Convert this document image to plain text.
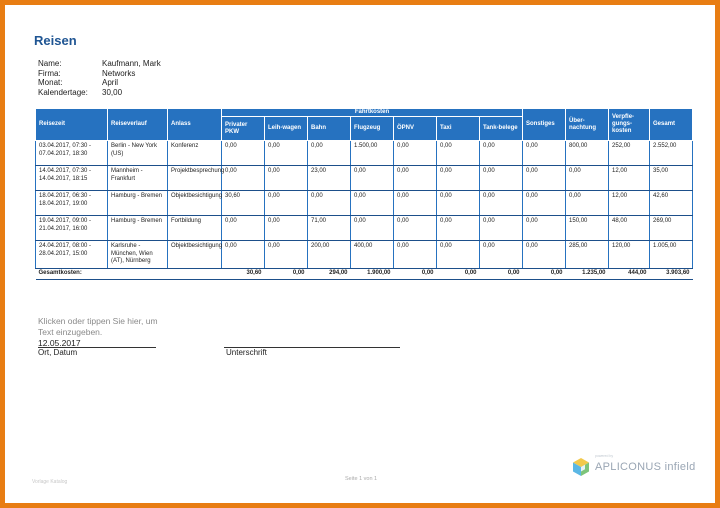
Reisen
Name:	Kaufmann, Mark
Firma:	Networks
Monat:	April
Kalendertage:	30,00
Reisezeit	Reiseverlauf	Anlass	Fahrtkosten							Sonstiges	Über-nachtung	Verpfle-gungs-kosten	Gesamt
			Privater PKW	Leih-wagen	Bahn	Flugzeug	ÖPNV	Taxi	Tank-belege				
03.04.2017, 07:30 - 07.04.2017, 18:30	Berlin - New York (US)	Konferenz	0,00	0,00	0,00	1.500,00	0,00	0,00	0,00	0,00	800,00	252,00	2.552,00
14.04.2017, 07:30 - 14.04.2017, 18:15	Mannheim - Frankfurt	Projektbesprechung	0,00	0,00	23,00	0,00	0,00	0,00	0,00	0,00	0,00	12,00	35,00
18.04.2017, 06:30 - 18.04.2017, 19:00	Hamburg - Bremen	Objektbesichtigung	30,60	0,00	0,00	0,00	0,00	0,00	0,00	0,00	0,00	12,00	42,60
19.04.2017, 09:00 - 21.04.2017, 16:00	Hamburg - Bremen	Fortbildung	0,00	0,00	71,00	0,00	0,00	0,00	0,00	0,00	150,00	48,00	269,00
24.04.2017, 08:00 - 28.04.2017, 15:00	Karlsruhe - München, Wien (AT), Nürnberg	Objektbesichtigung	0,00	0,00	200,00	400,00	0,00	0,00	0,00	0,00	285,00	120,00	1.005,00
Gesamtkosten:			30,60	0,00	294,00	1.900,00	0,00	0,00	0,00	0,00	1.235,00	444,00	3.903,60
Klicken oder tippen Sie hier, um Text einzugeben.
12.05.2017
Ort, Datum	Unterschrift
Vorlage Katalog	Seite 1 von 1
powered by
APLICONUS infield
